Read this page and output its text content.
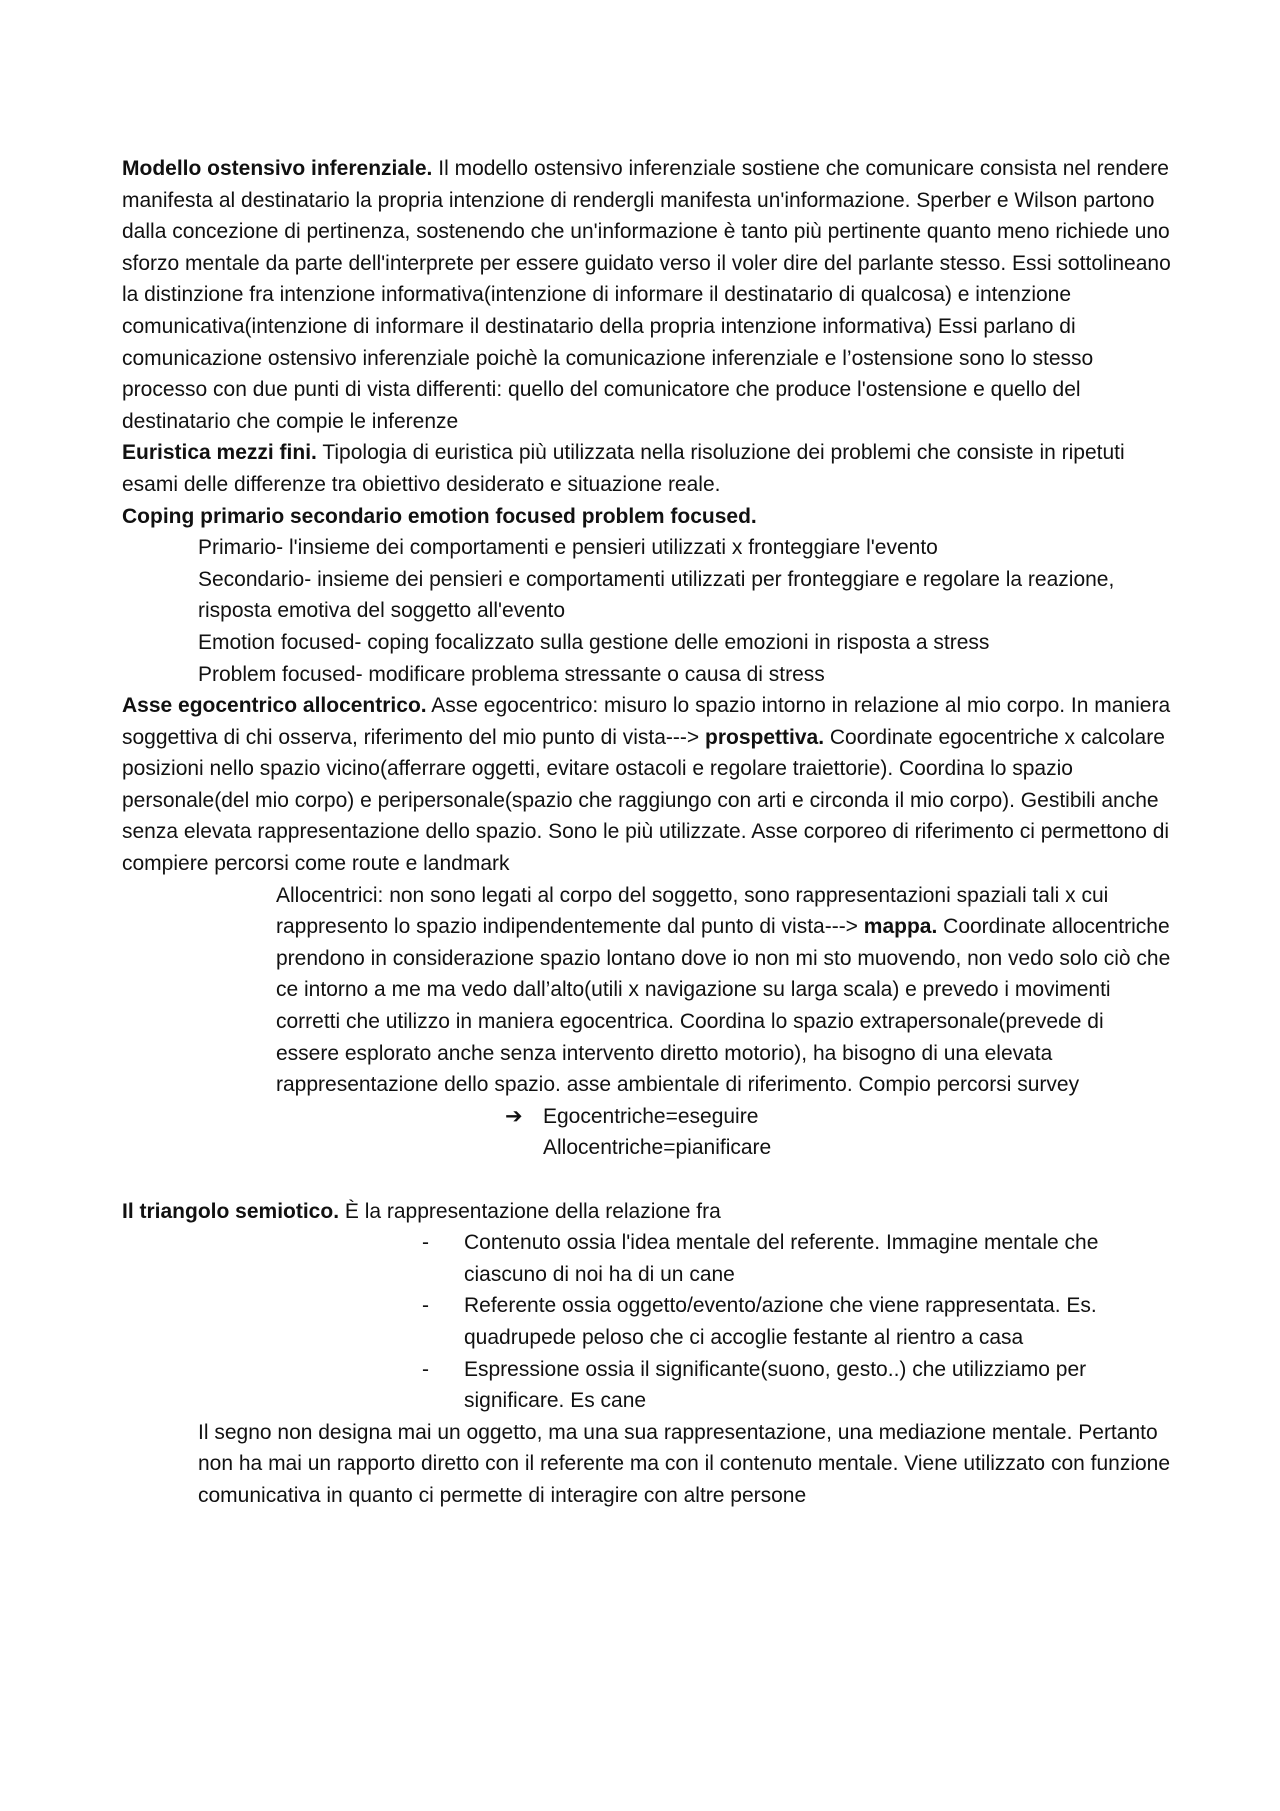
Modello ostensivo inferenziale. Il modello ostensivo inferenziale sostiene che comunicare consista nel rendere manifesta al destinatario la propria intenzione di rendergli manifesta un'informazione. Sperber e Wilson partono dalla concezione di pertinenza, sostenendo che un'informazione è tanto più pertinente quanto meno richiede uno sforzo mentale da parte dell'interprete per essere guidato verso il voler dire del parlante stesso. Essi sottolineano la distinzione fra intenzione informativa(intenzione di informare il destinatario di qualcosa) e intenzione comunicativa(intenzione di informare il destinatario della propria intenzione informativa) Essi parlano di comunicazione ostensivo inferenziale poichè la comunicazione inferenziale e l’ostensione sono lo stesso processo con due punti di vista differenti: quello del comunicatore che produce l'ostensione e quello del destinatario che compie le inferenze

Euristica mezzi fini. Tipologia di euristica più utilizzata nella risoluzione dei problemi che consiste in ripetuti esami delle differenze tra obiettivo desiderato e situazione reale.

Coping primario secondario emotion focused problem focused.

Primario- l'insieme dei comportamenti e pensieri utilizzati x fronteggiare l'evento

Secondario- insieme dei pensieri e comportamenti utilizzati per fronteggiare e regolare la reazione, risposta emotiva del soggetto all'evento

Emotion focused- coping focalizzato sulla gestione delle emozioni in risposta a stress

Problem focused- modificare problema stressante o causa di stress

Asse egocentrico allocentrico. Asse egocentrico: misuro lo spazio intorno in relazione al mio corpo. In maniera soggettiva di chi osserva, riferimento del mio punto di vista---> prospettiva. Coordinate egocentriche x calcolare posizioni nello spazio vicino(afferrare oggetti, evitare ostacoli e regolare traiettorie). Coordina lo spazio personale(del mio corpo) e peripersonale(spazio che raggiungo con arti e circonda il mio corpo). Gestibili anche senza elevata rappresentazione dello spazio. Sono le più utilizzate. Asse corporeo di riferimento ci permettono di compiere percorsi come route e landmark

Allocentrici: non sono legati al corpo del soggetto, sono rappresentazioni spaziali tali x cui rappresento lo spazio indipendentemente dal punto di vista---> mappa. Coordinate allocentriche prendono in considerazione spazio lontano dove io non mi sto muovendo, non vedo solo ciò che ce intorno a me ma vedo dall’alto(utili x navigazione su larga scala) e prevedo i movimenti corretti che utilizzo in maniera egocentrica. Coordina lo spazio extrapersonale(prevede di essere esplorato anche senza intervento diretto motorio), ha bisogno di una elevata rappresentazione dello spazio. asse ambientale di riferimento. Compio percorsi survey

➔ Egocentriche=eseguire
Allocentriche=pianificare

Il triangolo semiotico. È la rappresentazione della relazione fra

-	Contenuto ossia l'idea mentale del referente. Immagine mentale che ciascuno di noi ha di un cane
-	Referente ossia oggetto/evento/azione che viene rappresentata. Es. quadrupede peloso che ci accoglie festante al rientro a casa
-	Espressione ossia il significante(suono, gesto..) che utilizziamo per significare. Es cane

Il segno non designa mai un oggetto, ma una sua rappresentazione, una mediazione mentale. Pertanto non ha mai un rapporto diretto con il referente ma con il contenuto mentale. Viene utilizzato con funzione comunicativa in quanto ci permette di interagire con altre persone
